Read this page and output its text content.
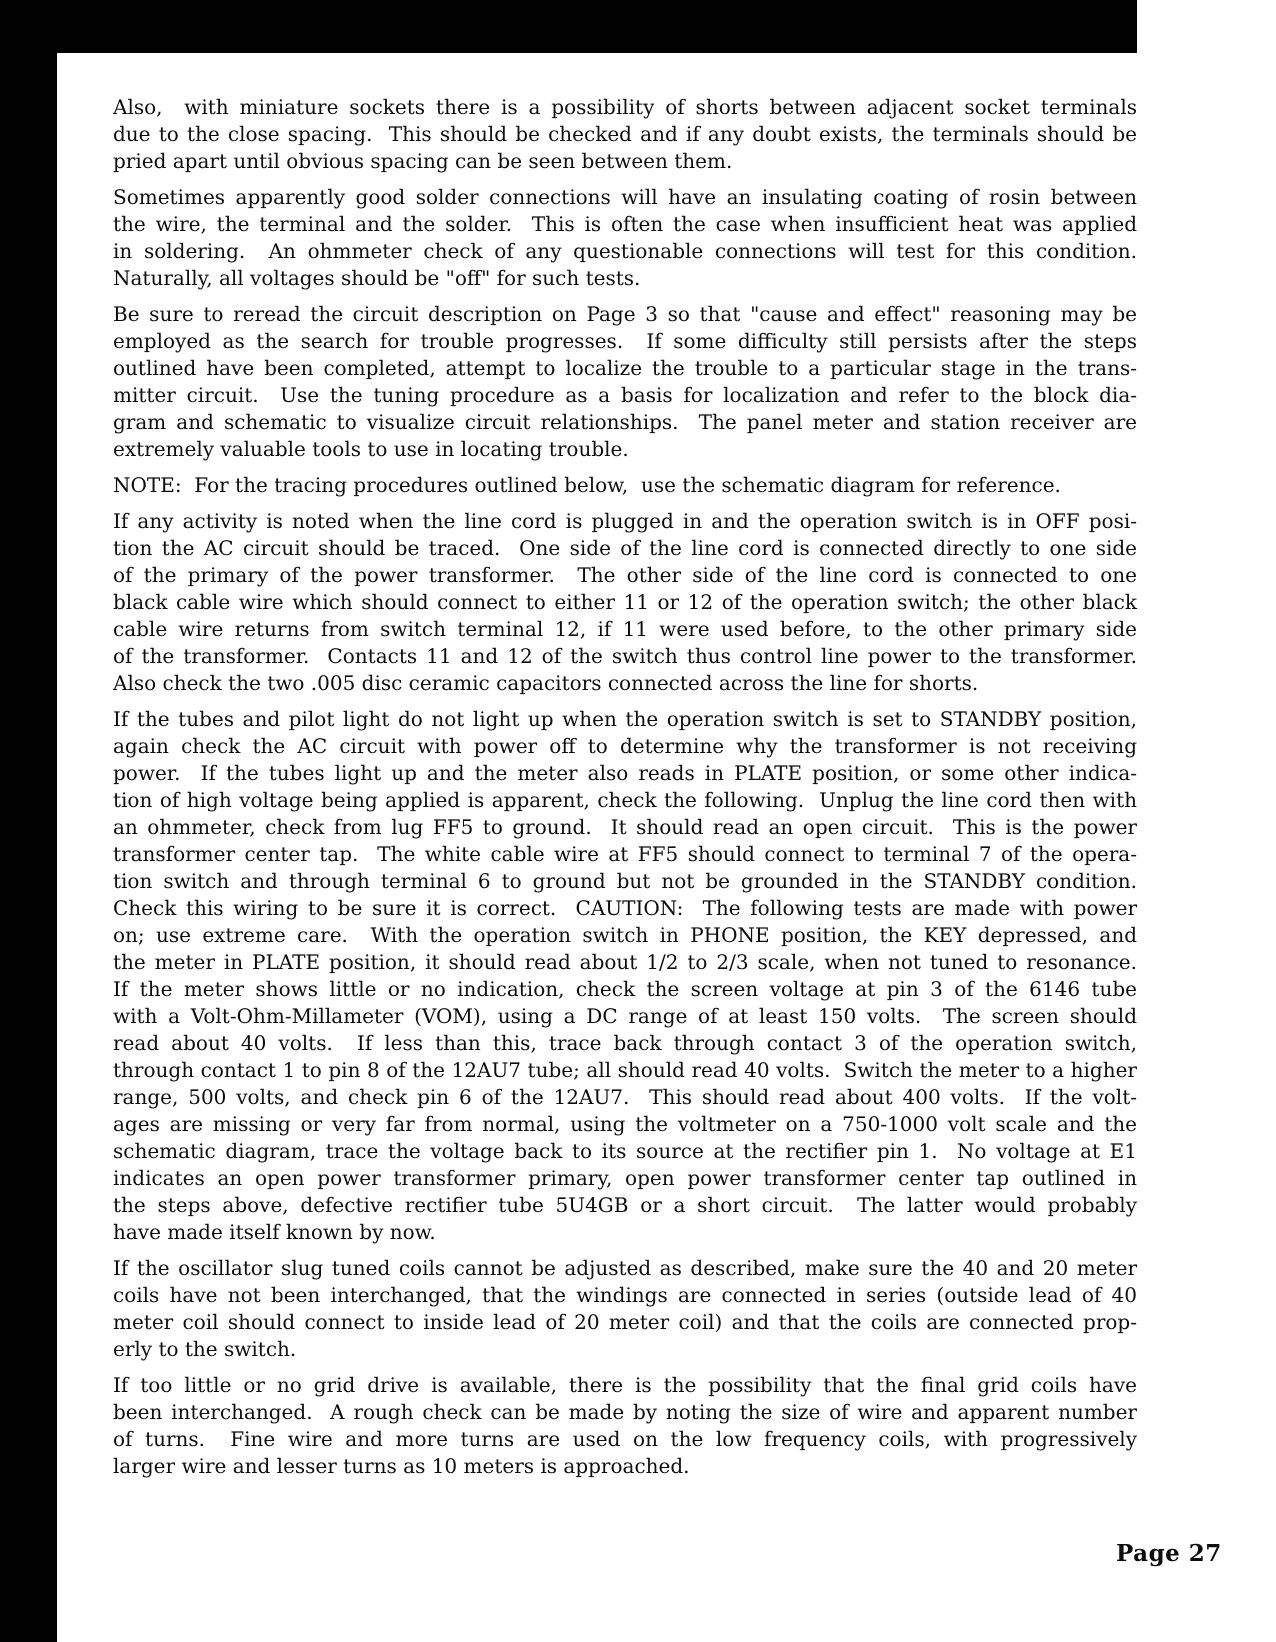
Also,  with miniature sockets there is a possibility of shorts between adjacent socket terminals
due to the close spacing.  This should be checked and if any doubt exists, the terminals should be
pried apart until obvious spacing can be seen between them.

Sometimes apparently good solder connections will have an insulating coating of rosin between
the wire, the terminal and the solder.  This is often the case when insufficient heat was applied
in soldering.  An ohmmeter check of any questionable connections will test for this condition.
Naturally, all voltages should be "off" for such tests.

Be sure to reread the circuit description on Page 3 so that "cause and effect" reasoning may be
employed as the search for trouble progresses.  If some difficulty still persists after the steps
outlined have been completed, attempt to localize the trouble to a particular stage in the trans-
mitter circuit.  Use the tuning procedure as a basis for localization and refer to the block dia-
gram and schematic to visualize circuit relationships.  The panel meter and station receiver are
extremely valuable tools to use in locating trouble.

NOTE:  For the tracing procedures outlined below,  use the schematic diagram for reference.

If any activity is noted when the line cord is plugged in and the operation switch is in OFF posi-
tion the AC circuit should be traced.  One side of the line cord is connected directly to one side
of the primary of the power transformer.  The other side of the line cord is connected to one
black cable wire which should connect to either 11 or 12 of the operation switch; the other black
cable wire returns from switch terminal 12, if 11 were used before, to the other primary side
of the transformer.  Contacts 11 and 12 of the switch thus control line power to the transformer.
Also check the two .005 disc ceramic capacitors connected across the line for shorts.

If the tubes and pilot light do not light up when the operation switch is set to STANDBY position,
again check the AC circuit with power off to determine why the transformer is not receiving
power.  If the tubes light up and the meter also reads in PLATE position, or some other indica-
tion of high voltage being applied is apparent, check the following.  Unplug the line cord then with
an ohmmeter, check from lug FF5 to ground.  It should read an open circuit.  This is the power
transformer center tap.  The white cable wire at FF5 should connect to terminal 7 of the opera-
tion switch and through terminal 6 to ground but not be grounded in the STANDBY condition.
Check this wiring to be sure it is correct.  CAUTION:  The following tests are made with power
on; use extreme care.  With the operation switch in PHONE position, the KEY depressed, and
the meter in PLATE position, it should read about 1/2 to 2/3 scale, when not tuned to resonance.
If the meter shows little or no indication, check the screen voltage at pin 3 of the 6146 tube
with a Volt-Ohm-Millameter (VOM), using a DC range of at least 150 volts.  The screen should
read about 40 volts.  If less than this, trace back through contact 3 of the operation switch,
through contact 1 to pin 8 of the 12AU7 tube; all should read 40 volts.  Switch the meter to a higher
range, 500 volts, and check pin 6 of the 12AU7.  This should read about 400 volts.  If the volt-
ages are missing or very far from normal, using the voltmeter on a 750-1000 volt scale and the
schematic diagram, trace the voltage back to its source at the rectifier pin 1.  No voltage at E1
indicates an open power transformer primary, open power transformer center tap outlined in
the steps above, defective rectifier tube 5U4GB or a short circuit.  The latter would probably
have made itself known by now.

If the oscillator slug tuned coils cannot be adjusted as described, make sure the 40 and 20 meter
coils have not been interchanged, that the windings are connected in series (outside lead of 40
meter coil should connect to inside lead of 20 meter coil) and that the coils are connected prop-
erly to the switch.

If too little or no grid drive is available, there is the possibility that the final grid coils have
been interchanged.  A rough check can be made by noting the size of wire and apparent number
of turns.  Fine wire and more turns are used on the low frequency coils, with progressively
larger wire and lesser turns as 10 meters is approached.

Page 27
